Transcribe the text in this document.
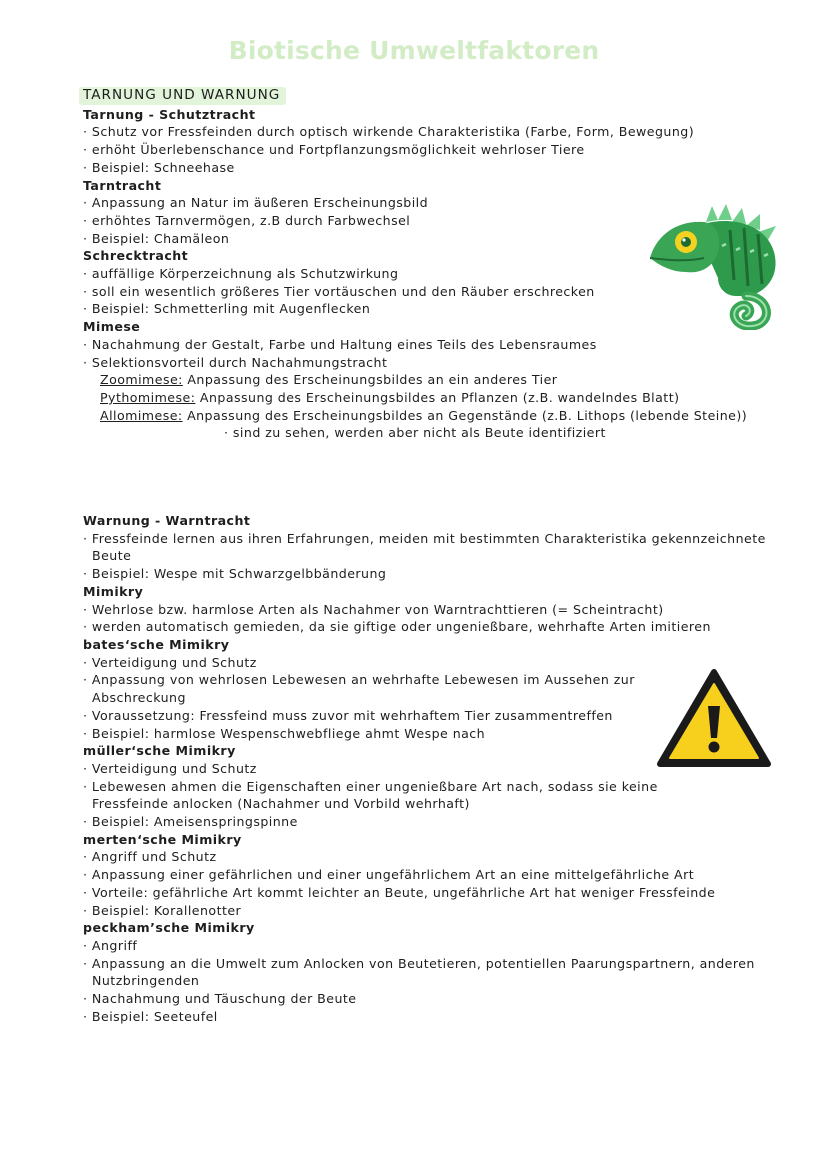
Biotische Umweltfaktoren
TARNUNG UND WARNUNG
Tarnung - Schutztracht
· Schutz vor Fressfeinden durch optisch wirkende Charakteristika (Farbe, Form, Bewegung)
· erhöht Überlebenschance und Fortpflanzungsmöglichkeit wehrloser Tiere
· Beispiel: Schneehase
Tarntracht
· Anpassung an Natur im äußeren Erscheinungsbild
· erhöhtes Tarnvermögen, z.B durch Farbwechsel
· Beispiel: Chamäleon
Schrecktracht
· auffällige Körperzeichnung als Schutzwirkung
· soll ein wesentlich größeres Tier vortäuschen und den Räuber erschrecken
· Beispiel: Schmetterling mit Augenflecken
Mimese
· Nachahmung der Gestalt, Farbe und Haltung eines Teils des Lebensraumes
· Selektionsvorteil durch Nachahmungstracht
Zoomimese: Anpassung des Erscheinungsbildes an ein anderes Tier
Pythomimese: Anpassung des Erscheinungsbildes an Pflanzen (z.B. wandelndes Blatt)
Allomimese: Anpassung des Erscheinungsbildes an Gegenstände (z.B. Lithops (lebende Steine))
· sind zu sehen, werden aber nicht als Beute identifiziert
Warnung - Warntracht
· Fressfeinde lernen aus ihren Erfahrungen, meiden mit bestimmten Charakteristika gekennzeichnete Beute
· Beispiel: Wespe mit Schwarzgelbbänderung
Mimikry
· Wehrlose bzw. harmlose Arten als Nachahmer von Warntrachttieren (= Scheintracht)
· werden automatisch gemieden, da sie giftige oder ungenießbare, wehrhafte Arten imitieren
bates‘sche Mimikry
· Verteidigung und Schutz
· Anpassung von wehrlosen Lebewesen an wehrhafte Lebewesen im Aussehen zur Abschreckung
· Voraussetzung: Fressfeind muss zuvor mit wehrhaftem Tier zusammentreffen
· Beispiel: harmlose Wespenschwebfliege ahmt Wespe nach
müller‘sche Mimikry
· Verteidigung und Schutz
· Lebewesen ahmen die Eigenschaften einer ungenießbare Art nach, sodass sie keine Fressfeinde anlocken (Nachahmer und Vorbild wehrhaft)
· Beispiel: Ameisenspringspinne
merten‘sche Mimikry
· Angriff und Schutz
· Anpassung einer gefährlichen und einer ungefährlichem Art an eine mittelgefährliche Art
· Vorteile: gefährliche Art kommt leichter an Beute, ungefährliche Art hat weniger Fressfeinde
· Beispiel: Korallenotter
peckham’sche Mimikry
· Angriff
· Anpassung an die Umwelt zum Anlocken von Beutetieren, potentiellen Paarungspartnern, anderen Nutzbringenden
· Nachahmung und Täuschung der Beute
· Beispiel: Seeteufel
